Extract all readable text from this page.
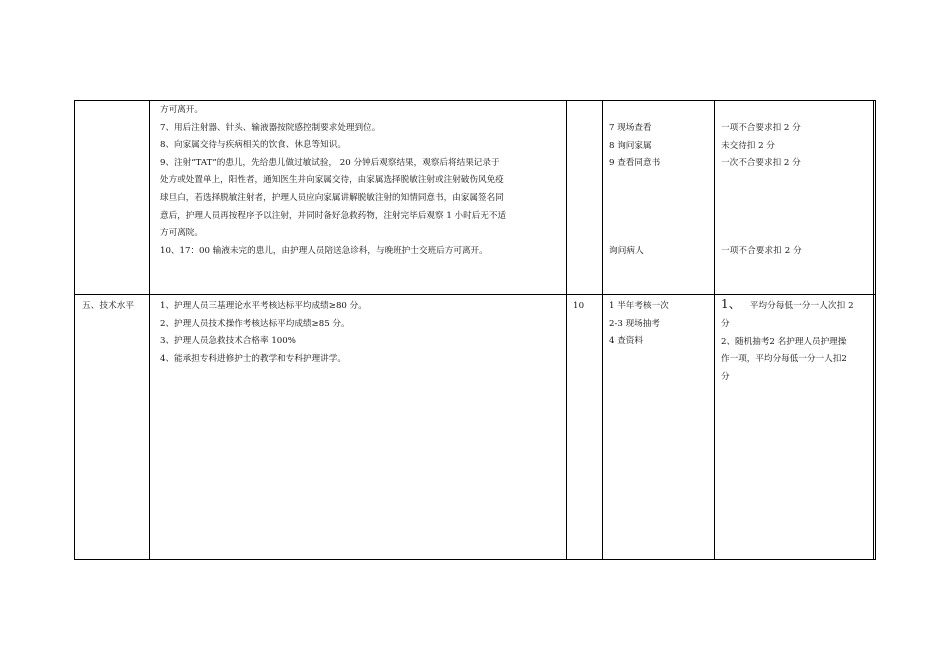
方可离开。
7、用后注射器、针头、输液器按院感控制要求处理到位。
8、向家属交待与疾病相关的饮食、休息等知识。
9、注射“TAT”的患儿，先给患儿做过敏试验， 20 分钟后观察结果，观察后将结果记录于
处方或处置单上，阳性者，通知医生并向家属交待，由家属选择脱敏注射或注射破伤风免疫
球旦白，若选择脱敏注射者，护理人员应向家属讲解脱敏注射的知情同意书，由家属签名同
意后，护理人员再按程序予以注射，并同时备好急救药物，注射完毕后观察 1 小时后无不适
方可离院。
10、17：00 输液未完的患儿，由护理人员陪送急诊科，与晚班护士交班后方可离开。
7 现场查看
8 询问家属
9 查看同意书
询问病人
一项不合要求扣 2 分
未交待扣 2 分
一次不合要求扣 2 分
一项不合要求扣 2 分
五、技术水平	1、护理人员三基理论水平考核达标平均成绩≥80 分。
2、护理人员技术操作考核达标平均成绩≥85 分。
3、护理人员急救技术合格率 100%
4、能承担专科进修护士的教学和专科护理讲学。
10	1 半年考核一次
2-3 现场抽考
4 查资料
1、 平均分每低一分一人次扣 2
分
2、随机抽考2 名护理人员护理操
作一项，平均分每低一分一人扣2
分
